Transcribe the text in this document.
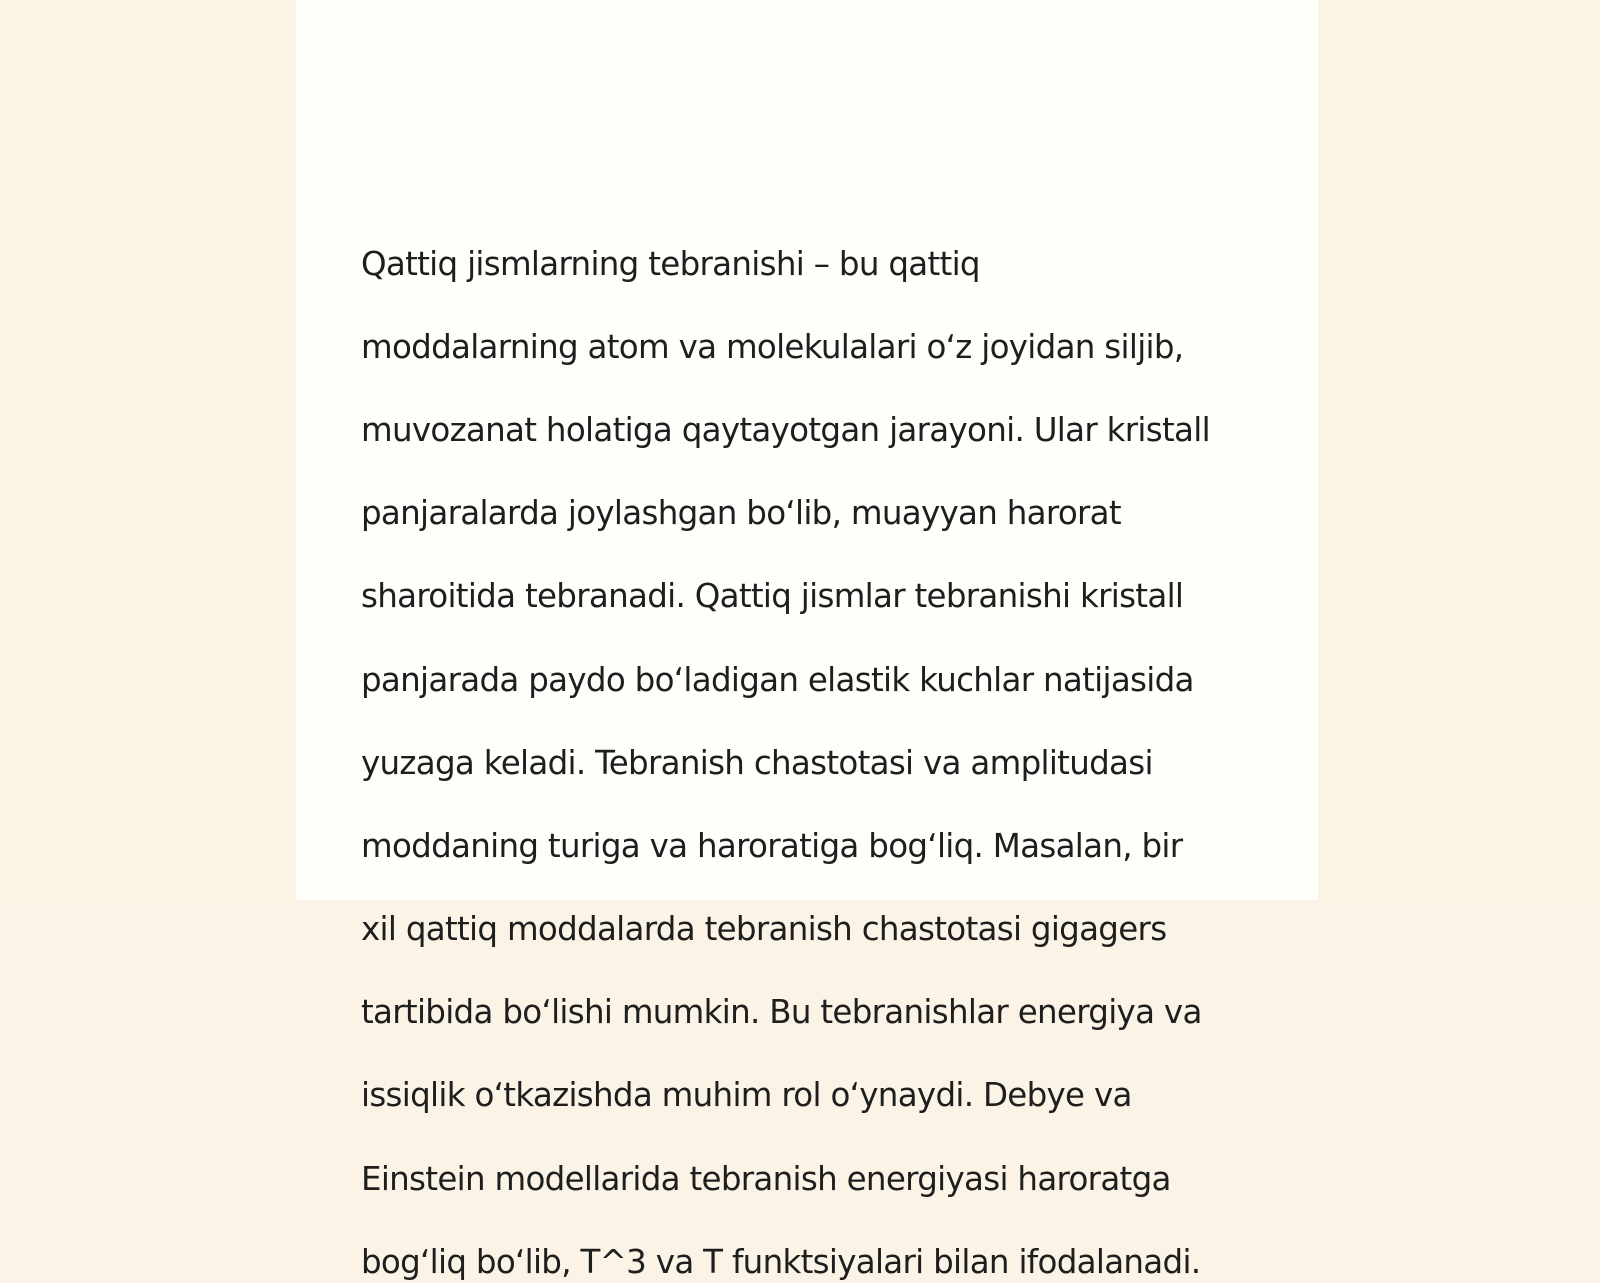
Qattiq jismlarning tebranishi – bu qattiq

moddalarning atom va molekulalari oʻz joyidan siljib,

muvozanat holatiga qaytayotgan jarayoni. Ular kristall

panjaralarda joylashgan boʻlib, muayyan harorat

sharoitida tebranadi. Qattiq jismlar tebranishi kristall

panjarada paydo boʻladigan elastik kuchlar natijasida

yuzaga keladi. Tebranish chastotasi va amplitudasi

moddaning turiga va haroratiga bogʻliq. Masalan, bir

xil qattiq moddalarda tebranish chastotasi gigagers

tartibida boʻlishi mumkin. Bu tebranishlar energiya va

issiqlik oʻtkazishda muhim rol oʻynaydi. Debye va

Einstein modellarida tebranish energiyasi haroratga

bogʻliq boʻlib, T^3 va T funktsiyalari bilan ifodalanadi.
